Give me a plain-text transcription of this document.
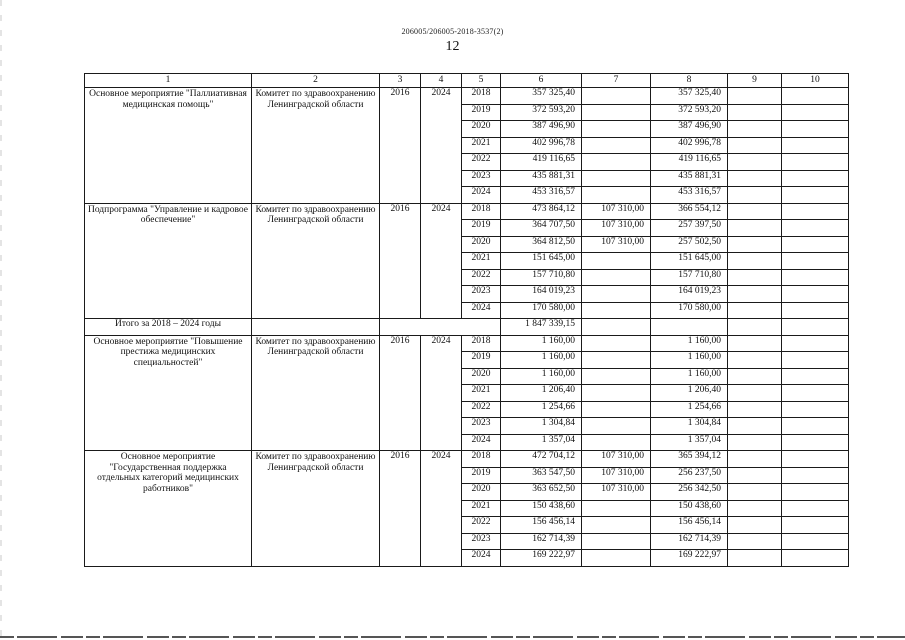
206005/206005-2018-3537(2)
12
1	2	3	4	5	6	7	8	9	10
Основное мероприятие "Паллиативная медицинская помощь"	Комитет по здравоохранению Ленинградской области	2016	2024	2018	357 325,40		357 325,40		
				2019	372 593,20		372 593,20		
				2020	387 496,90		387 496,90		
				2021	402 996,78		402 996,78		
				2022	419 116,65		419 116,65		
				2023	435 881,31		435 881,31		
				2024	453 316,57		453 316,57		
Подпрограмма "Управление и кадровое обеспечение"	Комитет по здравоохранению Ленинградской области	2016	2024	2018	473 864,12	107 310,00	366 554,12		
				2019	364 707,50	107 310,00	257 397,50		
				2020	364 812,50	107 310,00	257 502,50		
				2021	151 645,00		151 645,00		
				2022	157 710,80		157 710,80		
				2023	164 019,23		164 019,23		
				2024	170 580,00		170 580,00		
Итого за 2018 – 2024 годы					1 847 339,15				
Основное мероприятие "Повышение престижа медицинских специальностей"	Комитет по здравоохранению Ленинградской области	2016	2024	2018	1 160,00		1 160,00		
				2019	1 160,00		1 160,00		
				2020	1 160,00		1 160,00		
				2021	1 206,40		1 206,40		
				2022	1 254,66		1 254,66		
				2023	1 304,84		1 304,84		
				2024	1 357,04		1 357,04		
Основное мероприятие "Государственная поддержка отдельных категорий медицинских работников"	Комитет по здравоохранению Ленинградской области	2016	2024	2018	472 704,12	107 310,00	365 394,12		
				2019	363 547,50	107 310,00	256 237,50		
				2020	363 652,50	107 310,00	256 342,50		
				2021	150 438,60		150 438,60		
				2022	156 456,14		156 456,14		
				2023	162 714,39		162 714,39		
				2024	169 222,97		169 222,97		
